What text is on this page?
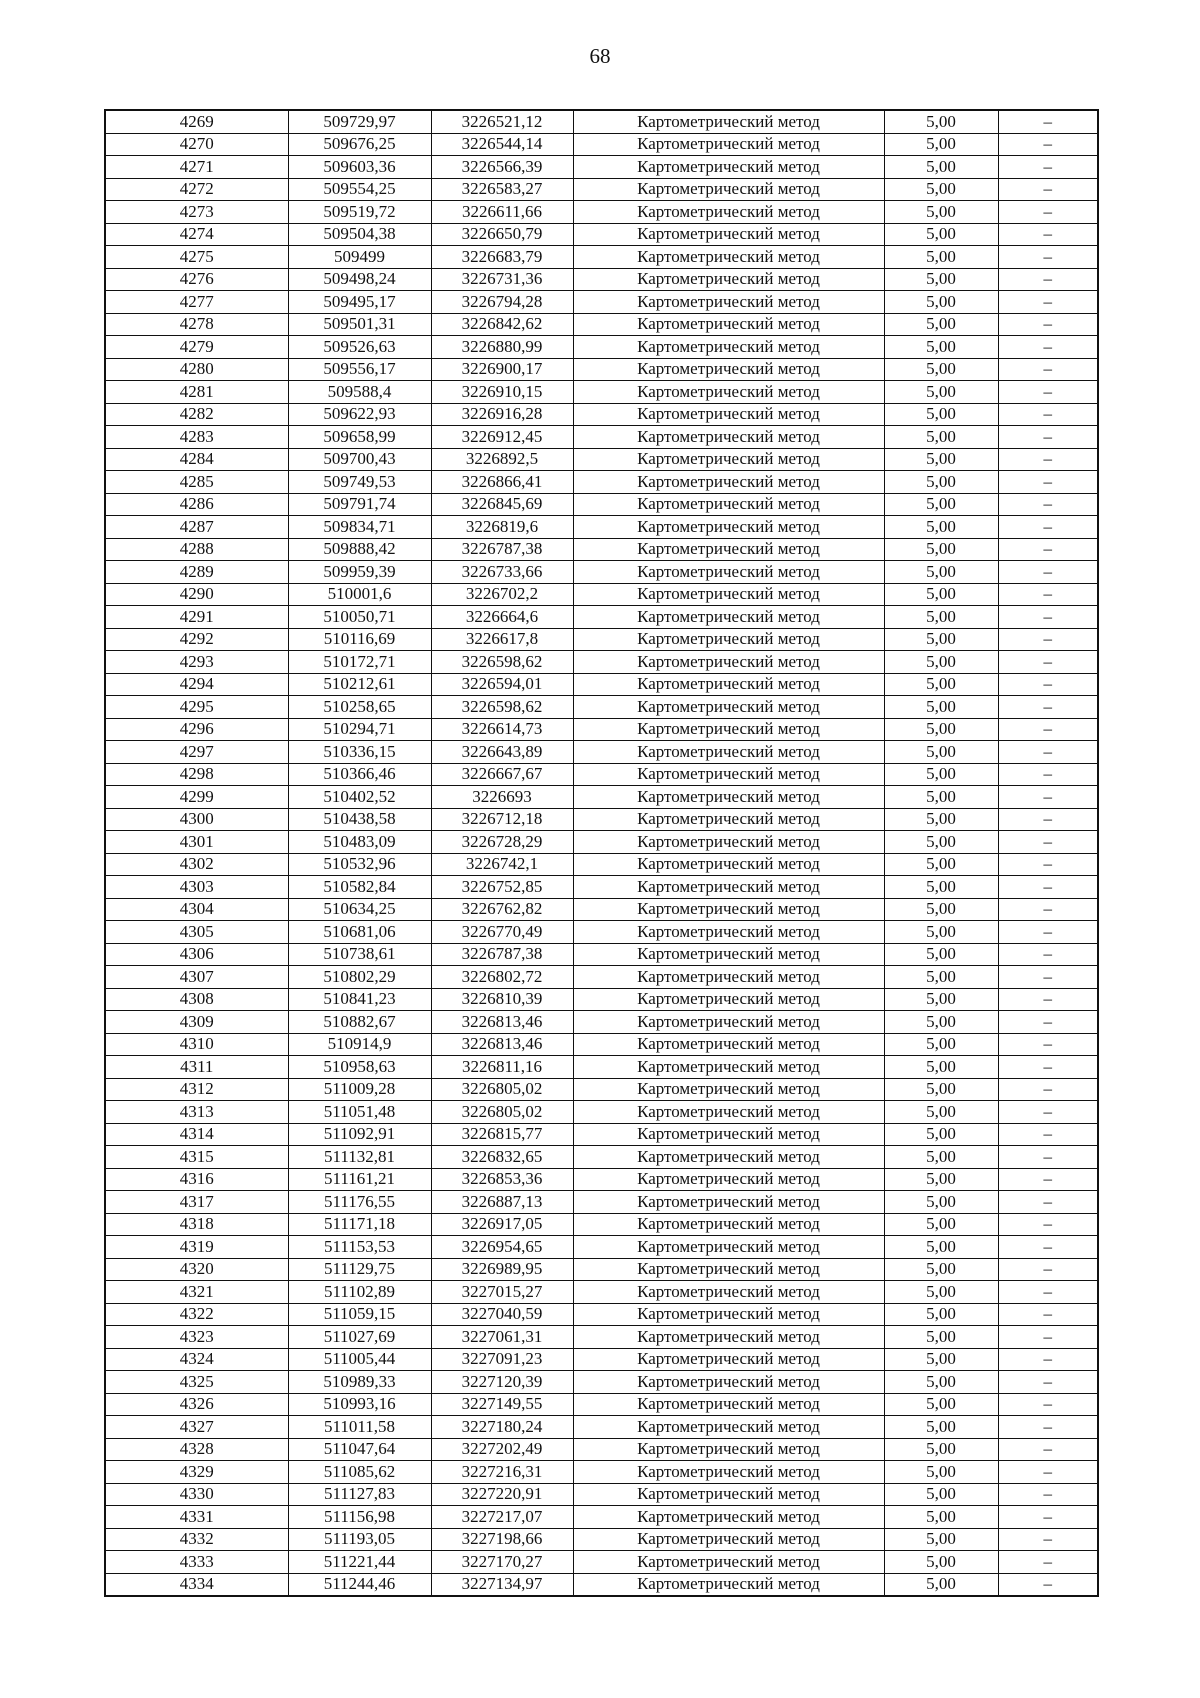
68
4269	509729,97	3226521,12	Картометрический метод	5,00	–
4270	509676,25	3226544,14	Картометрический метод	5,00	–
4271	509603,36	3226566,39	Картометрический метод	5,00	–
4272	509554,25	3226583,27	Картометрический метод	5,00	–
4273	509519,72	3226611,66	Картометрический метод	5,00	–
4274	509504,38	3226650,79	Картометрический метод	5,00	–
4275	509499	3226683,79	Картометрический метод	5,00	–
4276	509498,24	3226731,36	Картометрический метод	5,00	–
4277	509495,17	3226794,28	Картометрический метод	5,00	–
4278	509501,31	3226842,62	Картометрический метод	5,00	–
4279	509526,63	3226880,99	Картометрический метод	5,00	–
4280	509556,17	3226900,17	Картометрический метод	5,00	–
4281	509588,4	3226910,15	Картометрический метод	5,00	–
4282	509622,93	3226916,28	Картометрический метод	5,00	–
4283	509658,99	3226912,45	Картометрический метод	5,00	–
4284	509700,43	3226892,5	Картометрический метод	5,00	–
4285	509749,53	3226866,41	Картометрический метод	5,00	–
4286	509791,74	3226845,69	Картометрический метод	5,00	–
4287	509834,71	3226819,6	Картометрический метод	5,00	–
4288	509888,42	3226787,38	Картометрический метод	5,00	–
4289	509959,39	3226733,66	Картометрический метод	5,00	–
4290	510001,6	3226702,2	Картометрический метод	5,00	–
4291	510050,71	3226664,6	Картометрический метод	5,00	–
4292	510116,69	3226617,8	Картометрический метод	5,00	–
4293	510172,71	3226598,62	Картометрический метод	5,00	–
4294	510212,61	3226594,01	Картометрический метод	5,00	–
4295	510258,65	3226598,62	Картометрический метод	5,00	–
4296	510294,71	3226614,73	Картометрический метод	5,00	–
4297	510336,15	3226643,89	Картометрический метод	5,00	–
4298	510366,46	3226667,67	Картометрический метод	5,00	–
4299	510402,52	3226693	Картометрический метод	5,00	–
4300	510438,58	3226712,18	Картометрический метод	5,00	–
4301	510483,09	3226728,29	Картометрический метод	5,00	–
4302	510532,96	3226742,1	Картометрический метод	5,00	–
4303	510582,84	3226752,85	Картометрический метод	5,00	–
4304	510634,25	3226762,82	Картометрический метод	5,00	–
4305	510681,06	3226770,49	Картометрический метод	5,00	–
4306	510738,61	3226787,38	Картометрический метод	5,00	–
4307	510802,29	3226802,72	Картометрический метод	5,00	–
4308	510841,23	3226810,39	Картометрический метод	5,00	–
4309	510882,67	3226813,46	Картометрический метод	5,00	–
4310	510914,9	3226813,46	Картометрический метод	5,00	–
4311	510958,63	3226811,16	Картометрический метод	5,00	–
4312	511009,28	3226805,02	Картометрический метод	5,00	–
4313	511051,48	3226805,02	Картометрический метод	5,00	–
4314	511092,91	3226815,77	Картометрический метод	5,00	–
4315	511132,81	3226832,65	Картометрический метод	5,00	–
4316	511161,21	3226853,36	Картометрический метод	5,00	–
4317	511176,55	3226887,13	Картометрический метод	5,00	–
4318	511171,18	3226917,05	Картометрический метод	5,00	–
4319	511153,53	3226954,65	Картометрический метод	5,00	–
4320	511129,75	3226989,95	Картометрический метод	5,00	–
4321	511102,89	3227015,27	Картометрический метод	5,00	–
4322	511059,15	3227040,59	Картометрический метод	5,00	–
4323	511027,69	3227061,31	Картометрический метод	5,00	–
4324	511005,44	3227091,23	Картометрический метод	5,00	–
4325	510989,33	3227120,39	Картометрический метод	5,00	–
4326	510993,16	3227149,55	Картометрический метод	5,00	–
4327	511011,58	3227180,24	Картометрический метод	5,00	–
4328	511047,64	3227202,49	Картометрический метод	5,00	–
4329	511085,62	3227216,31	Картометрический метод	5,00	–
4330	511127,83	3227220,91	Картометрический метод	5,00	–
4331	511156,98	3227217,07	Картометрический метод	5,00	–
4332	511193,05	3227198,66	Картометрический метод	5,00	–
4333	511221,44	3227170,27	Картометрический метод	5,00	–
4334	511244,46	3227134,97	Картометрический метод	5,00	–
